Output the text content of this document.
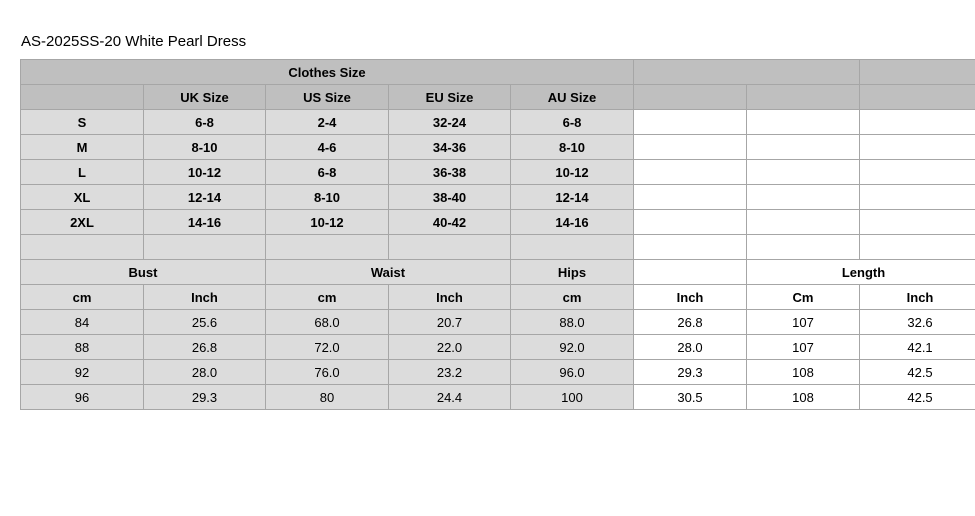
AS-2025SS-20 White Pearl Dress
Clothes Size							
	UK Size	US Size	EU Size	AU Size			
S	6-8	2-4	32-24	6-8			
M	8-10	4-6	34-36	8-10			
L	10-12	6-8	36-38	10-12			
XL	12-14	8-10	38-40	12-14			
2XL	14-16	10-12	40-42	14-16			

Bust		Waist		Hips		Length	
cm	Inch	cm	Inch	cm	Inch	Cm	Inch
84	25.6	68.0	20.7	88.0	26.8	107	32.6
88	26.8	72.0	22.0	92.0	28.0	107	42.1
92	28.0	76.0	23.2	96.0	29.3	108	42.5
96	29.3	80	24.4	100	30.5	108	42.5
